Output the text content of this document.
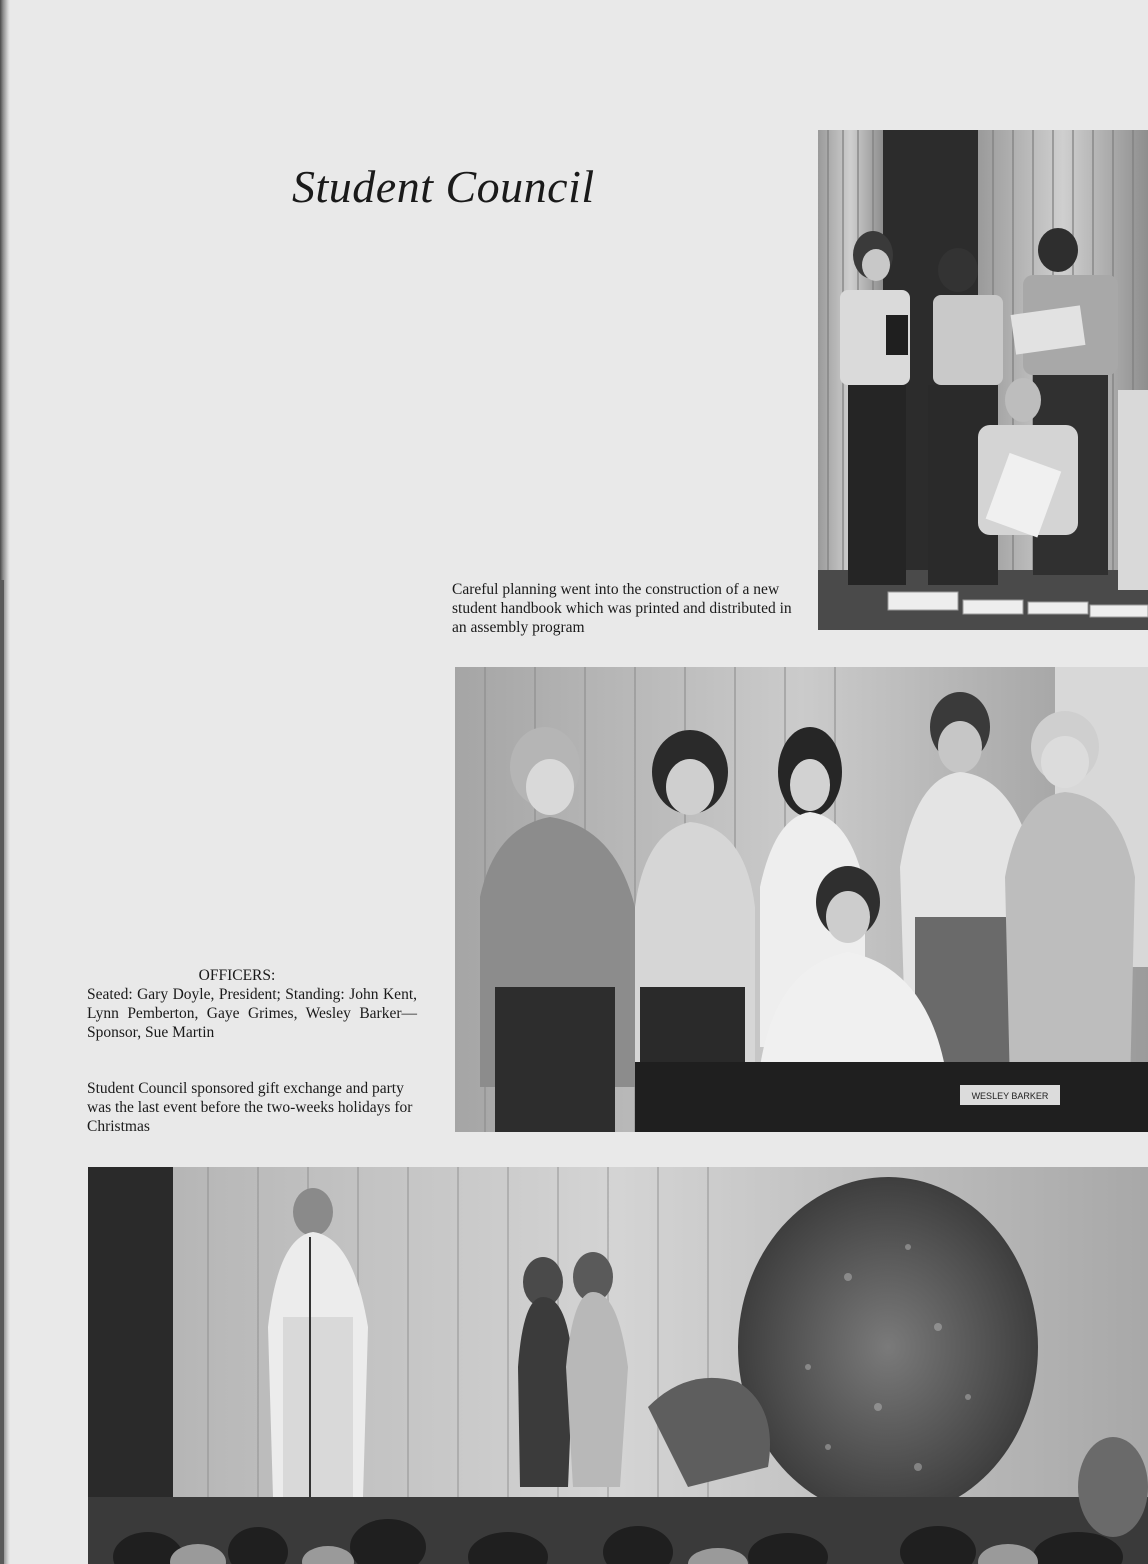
Student Council

Careful planning went into the construction of a new student handbook which was printed and distributed in an assembly program

WESLEY BARKER

OFFICERS:
Seated: Gary Doyle, President; Standing: John Kent, Lynn Pemberton, Gaye Grimes, Wesley Barker—Sponsor, Sue Martin

Student Council sponsored gift exchange and party was the last event before the two-weeks holidays for Christmas
